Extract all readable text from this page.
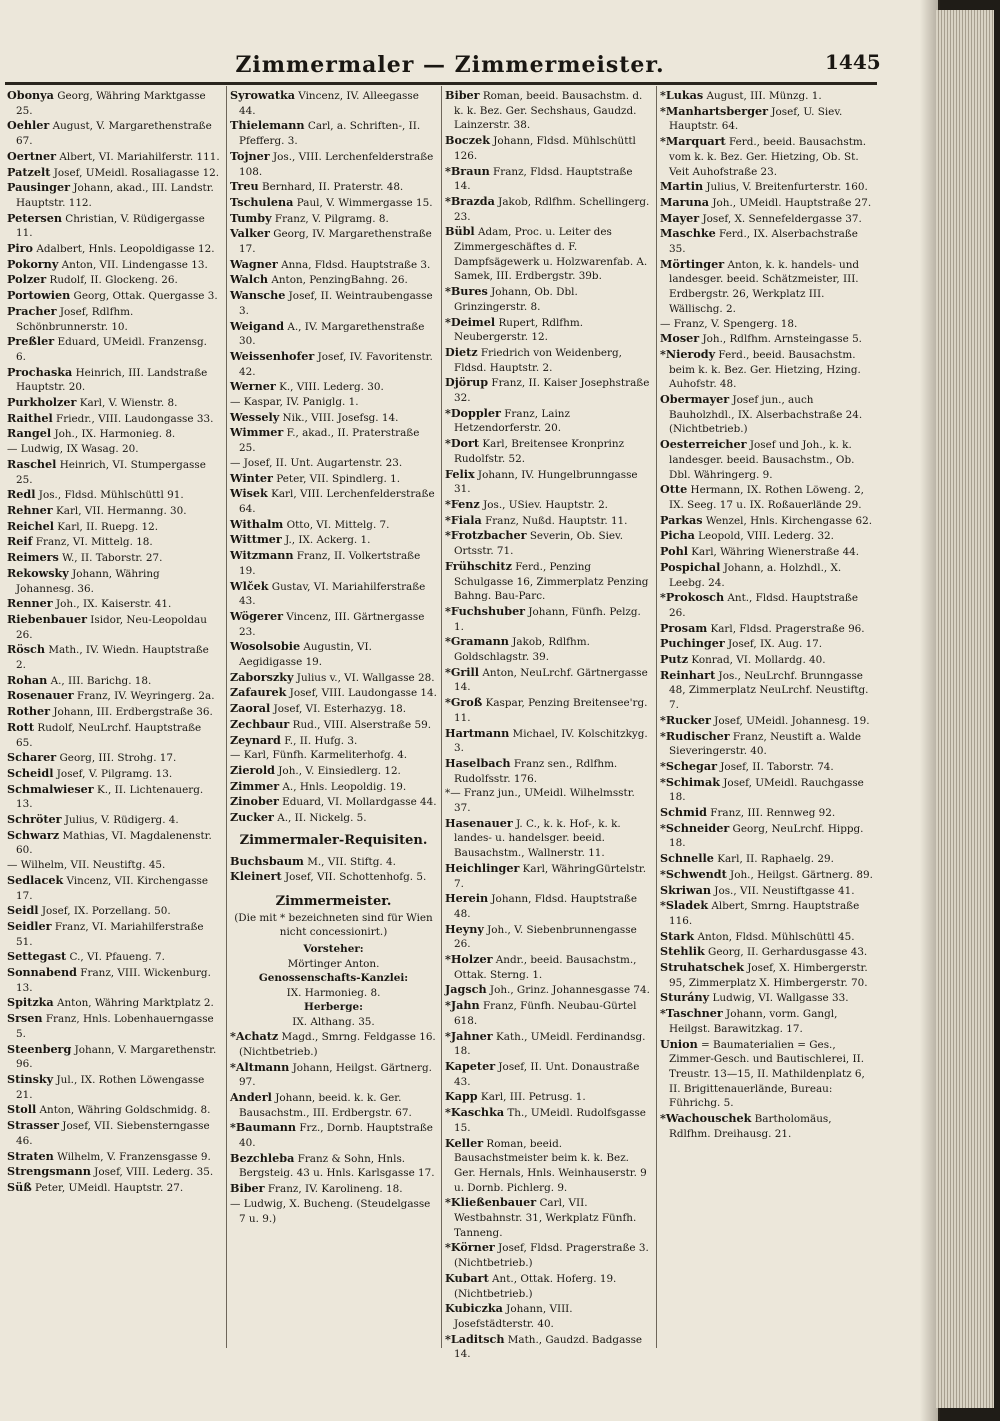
Zimmermaler — Zimmermeister.	1445
Obonya Georg, Währing Marktgasse 25.
Oehler August, V. Margarethenstraße 67.
Oertner Albert, VI. Mariahilferstr. 111.
Patzelt Josef, UMeidl. Rosaliagasse 12.
Pausinger Johann, akad., III. Landstr. Hauptstr. 112.
Petersen Christian, V. Rüdigergasse 11.
Piro Adalbert, Hnls. Leopoldigasse 12.
Pokorny Anton, VII. Lindengasse 13.
Polzer Rudolf, II. Glockeng. 26.
Portowien Georg, Ottak. Quergasse 3.
Pracher Josef, Rdlfhm. Schönbrunnerstr. 10.
Preßler Eduard, UMeidl. Franzensg. 6.
Prochaska Heinrich, III. Landstraße Hauptstr. 20.
Purkholzer Karl, V. Wienstr. 8.
Raithel Friedr., VIII. Laudongasse 33.
Rangel Joh., IX. Harmonieg. 8.
— Ludwig, IX Wasag. 20.
Raschel Heinrich, VI. Stumpergasse 25.
Redl Jos., Fldsd. Mühlschüttl 91.
Rehner Karl, VII. Hermanng. 30.
Reichel Karl, II. Ruepg. 12.
Reif Franz, VI. Mittelg. 18.
Reimers W., II. Taborstr. 27.
Rekowsky Johann, Währing Johannesg. 36.
Renner Joh., IX. Kaiserstr. 41.
Riebenbauer Isidor, Neu-Leopoldau 26.
Rösch Math., IV. Wiedn. Hauptstraße 2.
Rohan A., III. Barichg. 18.
Rosenauer Franz, IV. Weyringerg. 2a.
Rother Johann, III. Erdbergstraße 36.
Rott Rudolf, NeuLrchf. Hauptstraße 65.
Scharer Georg, III. Strohg. 17.
Scheidl Josef, V. Pilgramg. 13.
Schmalwieser K., II. Lichtenauerg. 13.
Schröter Julius, V. Rüdigerg. 4.
Schwarz Mathias, VI. Magdalenenstr. 60.
— Wilhelm, VII. Neustiftg. 45.
Sedlacek Vincenz, VII. Kirchengasse 17.
Seidl Josef, IX. Porzellang. 50.
Seidler Franz, VI. Mariahilferstraße 51.
Settegast C., VI. Pfaueng. 7.
Sonnabend Franz, VIII. Wickenburg. 13.
Spitzka Anton, Währing Marktplatz 2.
Srsen Franz, Hnls. Lobenhauerngasse 5.
Steenberg Johann, V. Margarethenstr. 96.
Stinsky Jul., IX. Rothen Löwengasse 21.
Stoll Anton, Währing Goldschmidg. 8.
Strasser Josef, VII. Siebensterngasse 46.
Straten Wilhelm, V. Franzensgasse 9.
Strengsmann Josef, VIII. Lederg. 35.
Süß Peter, UMeidl. Hauptstr. 27.
Syrowatka Vincenz, IV. Alleegasse 44.
Thielemann Carl, a. Schriften-, II. Pfefferg. 3.
Tojner Jos., VIII. Lerchenfelderstraße 108.
Treu Bernhard, II. Praterstr. 48.
Tschulena Paul, V. Wimmergasse 15.
Tumby Franz, V. Pilgramg. 8.
Valker Georg, IV. Margarethenstraße 17.
Wagner Anna, Fldsd. Hauptstraße 3.
Walch Anton, PenzingBahng. 26.
Wansche Josef, II. Weintraubengasse 3.
Weigand A., IV. Margarethenstraße 30.
Weissenhofer Josef, IV. Favoritenstr. 42.
Werner K., VIII. Lederg. 30.
— Kaspar, IV. Paniglg. 1.
Wessely Nik., VIII. Josefsg. 14.
Wimmer F., akad., II. Praterstraße 25.
— Josef, II. Unt. Augartenstr. 23.
Winter Peter, VII. Spindlerg. 1.
Wisek Karl, VIII. Lerchenfelderstraße 64.
Withalm Otto, VI. Mittelg. 7.
Wittmer J., IX. Ackerg. 1.
Witzmann Franz, II. Volkertstraße 19.
Wlček Gustav, VI. Mariahilferstraße 43.
Wögerer Vincenz, III. Gärtnergasse 23.
Wosolsobie Augustin, VI. Aegidigasse 19.
Zaborszky Julius v., VI. Wallgasse 28.
Zafaurek Josef, VIII. Laudongasse 14.
Zaoral Josef, VI. Esterhazyg. 18.
Zechbaur Rud., VIII. Alserstraße 59.
Zeynard F., II. Hufg. 3.
— Karl, Fünfh. Karmeliterhofg. 4.
Zierold Joh., V. Einsiedlerg. 12.
Zimmer A., Hnls. Leopoldig. 19.
Zinober Eduard, VI. Mollardgasse 44.
Zucker A., II. Nickelg. 5.
Zimmermaler-Requisiten.
Buchsbaum M., VII. Stiftg. 4.
Kleinert Josef, VII. Schottenhofg. 5.
Zimmermeister.
(Die mit * bezeichneten sind für Wien nicht concessionirt.)
Vorsteher:
Mörtinger Anton.
Genossenschafts-Kanzlei:
IX. Harmonieg. 8.
Herberge:
IX. Althang. 35.
*Achatz Magd., Smrng. Feldgasse 16. (Nichtbetrieb.)
*Altmann Johann, Heilgst. Gärtnerg. 97.
Anderl Johann, beeid. k. k. Ger. Bausachstm., III. Erdbergstr. 67.
*Baumann Frz., Dornb. Hauptstraße 40.
Bezchleba Franz & Sohn, Hnls. Bergsteig. 43 u. Hnls. Karlsgasse 17.
Biber Franz, IV. Karolineng. 18.
— Ludwig, X. Bucheng. (Steudelgasse 7 u. 9.)
Biber Roman, beeid. Bausachstm. d. k. k. Bez. Ger. Sechshaus, Gaudzd. Lainzerstr. 38.
Boczek Johann, Fldsd. Mühlschüttl 126.
*Braun Franz, Fldsd. Hauptstraße 14.
*Brazda Jakob, Rdlfhm. Schellingerg. 23.
Bübl Adam, Proc. u. Leiter des Zimmergeschäftes d. F. Dampfsägewerk u. Holzwarenfab. A. Samek, III. Erdbergstr. 39b.
*Bures Johann, Ob. Dbl. Grinzingerstr. 8.
*Deimel Rupert, Rdlfhm. Neubergerstr. 12.
Dietz Friedrich von Weidenberg, Fldsd. Hauptstr. 2.
Djörup Franz, II. Kaiser Josephstraße 32.
*Doppler Franz, Lainz Hetzendorferstr. 20.
*Dort Karl, Breitensee Kronprinz Rudolfstr. 52.
Felix Johann, IV. Hungelbrunngasse 31.
*Fenz Jos., USiev. Hauptstr. 2.
*Fiala Franz, Nußd. Hauptstr. 11.
*Frotzbacher Severin, Ob. Siev. Ortsstr. 71.
Frühschitz Ferd., Penzing Schulgasse 16, Zimmerplatz Penzing Bahng. Bau-Parc.
*Fuchshuber Johann, Fünfh. Pelzg. 1.
*Gramann Jakob, Rdlfhm. Goldschlagstr. 39.
*Grill Anton, NeuLrchf. Gärtnergasse 14.
*Groß Kaspar, Penzing Breitensee'rg. 11.
Hartmann Michael, IV. Kolschitzkyg. 3.
Haselbach Franz sen., Rdlfhm. Rudolfsstr. 176.
*— Franz jun., UMeidl. Wilhelmsstr. 37.
Hasenauer J. C., k. k. Hof-, k. k. landes- u. handelsger. beeid. Bausachstm., Wallnerstr. 11.
Heichlinger Karl, WähringGürtelstr. 7.
Herein Johann, Fldsd. Hauptstraße 48.
Heyny Joh., V. Siebenbrunnengasse 26.
*Holzer Andr., beeid. Bausachstm., Ottak. Sterng. 1.
Jagsch Joh., Grinz. Johannesgasse 74.
*Jahn Franz, Fünfh. Neubau-Gürtel 618.
*Jahner Kath., UMeidl. Ferdinandsg. 18.
Kapeter Josef, II. Unt. Donaustraße 43.
Kapp Karl, III. Petrusg. 1.
*Kaschka Th., UMeidl. Rudolfsgasse 15.
Keller Roman, beeid. Bausachstmeister beim k. k. Bez. Ger. Hernals, Hnls. Weinhauserstr. 9 u. Dornb. Pichlerg. 9.
*Kließenbauer Carl, VII. Westbahnstr. 31, Werkplatz Fünfh. Tanneng.
*Körner Josef, Fldsd. Pragerstraße 3. (Nichtbetrieb.)
Kubart Ant., Ottak. Hoferg. 19. (Nichtbetrieb.)
Kubiczka Johann, VIII. Josefstädterstr. 40.
*Laditsch Math., Gaudzd. Badgasse 14.
*Lukas August, III. Münzg. 1.
*Manhartsberger Josef, U. Siev. Hauptstr. 64.
*Marquart Ferd., beeid. Bausachstm. vom k. k. Bez. Ger. Hietzing, Ob. St. Veit Auhofstraße 23.
Martin Julius, V. Breitenfurterstr. 160.
Maruna Joh., UMeidl. Hauptstraße 27.
Mayer Josef, X. Sennefeldergasse 37.
Maschke Ferd., IX. Alserbachstraße 35.
Mörtinger Anton, k. k. handels- und landesger. beeid. Schätzmeister, III. Erdbergstr. 26, Werkplatz III. Wällischg. 2.
— Franz, V. Spengerg. 18.
Moser Joh., Rdlfhm. Arnsteingasse 5.
*Nierody Ferd., beeid. Bausachstm. beim k. k. Bez. Ger. Hietzing, Hzing. Auhofstr. 48.
Obermayer Josef jun., auch Bauholzhdl., IX. Alserbachstraße 24. (Nichtbetrieb.)
Oesterreicher Josef und Joh., k. k. landesger. beeid. Bausachstm., Ob. Dbl. Währingerg. 9.
Otte Hermann, IX. Rothen Löweng. 2, IX. Seeg. 17 u. IX. Roßauerlände 29.
Parkas Wenzel, Hnls. Kirchengasse 62.
Picha Leopold, VIII. Lederg. 32.
Pohl Karl, Währing Wienerstraße 44.
Pospichal Johann, a. Holzhdl., X. Leebg. 24.
*Prokosch Ant., Fldsd. Hauptstraße 26.
Prosam Karl, Fldsd. Pragerstraße 96.
Puchinger Josef, IX. Aug. 17.
Putz Konrad, VI. Mollardg. 40.
Reinhart Jos., NeuLrchf. Brunngasse 48, Zimmerplatz NeuLrchf. Neustiftg. 7.
*Rucker Josef, UMeidl. Johannesg. 19.
*Rudischer Franz, Neustift a. Walde Sieveringerstr. 40.
*Schegar Josef, II. Taborstr. 74.
*Schimak Josef, UMeidl. Rauchgasse 18.
Schmid Franz, III. Rennweg 92.
*Schneider Georg, NeuLrchf. Hippg. 18.
Schnelle Karl, II. Raphaelg. 29.
*Schwendt Joh., Heilgst. Gärtnerg. 89.
Skriwan Jos., VII. Neustiftgasse 41.
*Sladek Albert, Smrng. Hauptstraße 116.
Stark Anton, Fldsd. Mühlschüttl 45.
Stehlik Georg, II. Gerhardusgasse 43.
Struhatschek Josef, X. Himbergerstr. 95, Zimmerplatz X. Himbergerstr. 70.
Sturány Ludwig, VI. Wallgasse 33.
*Taschner Johann, vorm. Gangl, Heilgst. Barawitzkag. 17.
Union = Baumaterialien = Ges., Zimmer-Gesch. und Bautischlerei, II. Treustr. 13—15, II. Mathildenplatz 6, II. Brigittenauerlände, Bureau: Führichg. 5.
*Wachouschek Bartholomäus, Rdlfhm. Dreihausg. 21.
